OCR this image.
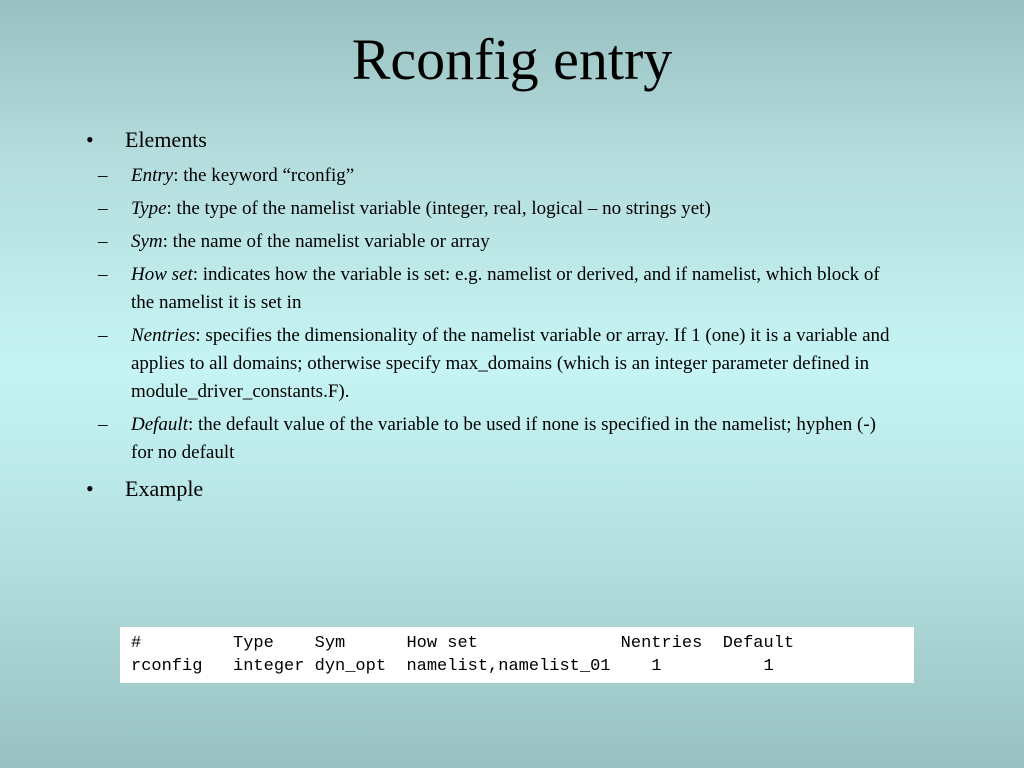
Rconfig entry
• Elements
– Entry: the keyword “rconfig”
– Type: the type of the namelist variable (integer, real, logical – no strings yet)
– Sym: the name of the namelist variable or array
– How set: indicates how the variable is set: e.g. namelist or derived, and if namelist, which block of the namelist it is set in
– Nentries: specifies the dimensionality of the namelist variable or array. If 1 (one) it is a variable and applies to all domains; otherwise specify max_domains (which is an integer parameter defined in module_driver_constants.F).
– Default: the default value of the variable to be used if none is specified in the namelist; hyphen (-) for no default
• Example
#         Type    Sym      How set              Nentries  Default
rconfig   integer dyn_opt  namelist,namelist_01    1          1
